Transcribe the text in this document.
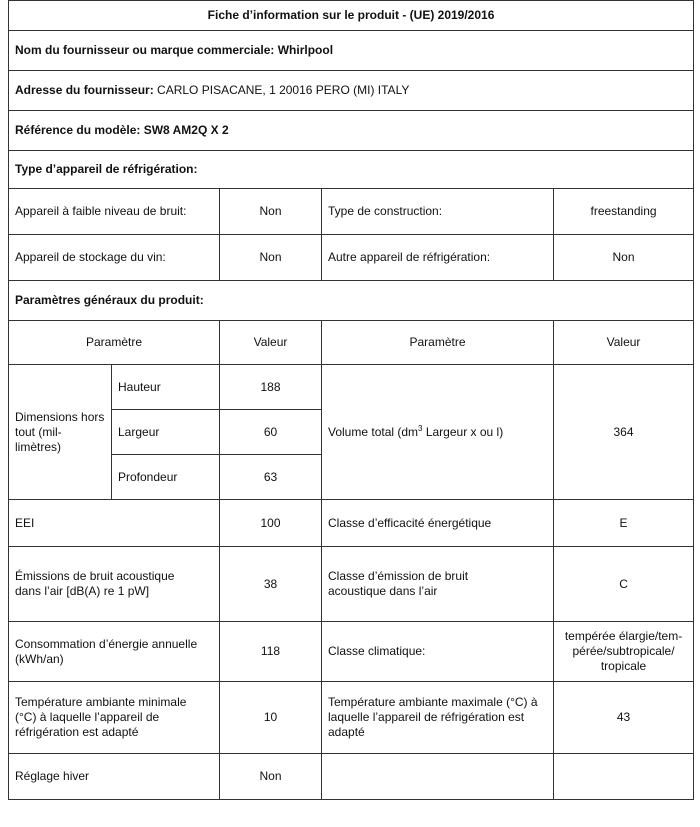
Fiche d’information sur le produit - (UE) 2019/2016				
Nom du fournisseur ou marque commerciale: Whirlpool				
Adresse du fournisseur: CARLO PISACANE, 1 20016 PERO (MI) ITALY				
Référence du modèle: SW8 AM2Q X 2				
Type d’appareil de réfrigération:				
Appareil à faible niveau de bruit:		Non	Type de construction:	freestanding
Appareil de stockage du vin:		Non	Autre appareil de réfrigération:	Non
Paramètres généraux du produit:				
Paramètre		Valeur	Paramètre	Valeur
Dimensions hors tout (mil-limètres)	Hauteur	188	Volume total ($dm^3$ Largeur x ou l)	364
	Largeur	60		
	Profondeur	63		
EEI		100	Classe d’efficacité énergétique	E

Émissions de bruit acoustique dans l’air [dB(A) re 1 pW]		38	Classe d’émission de bruit acoustique dans l’air	C

Consommation d’énergie annuelle (kWh/an)		118	Classe climatique:	tempérée élargie/tem-pérée/subtropicale/ tropicale

Température ambiante minimale (°C) à laquelle l’appareil de réfrigération est adapté		10	Température ambiante maximale (°C) à laquelle l’appareil de réfrigération est adapté	43
Réglage hiver		Non		
